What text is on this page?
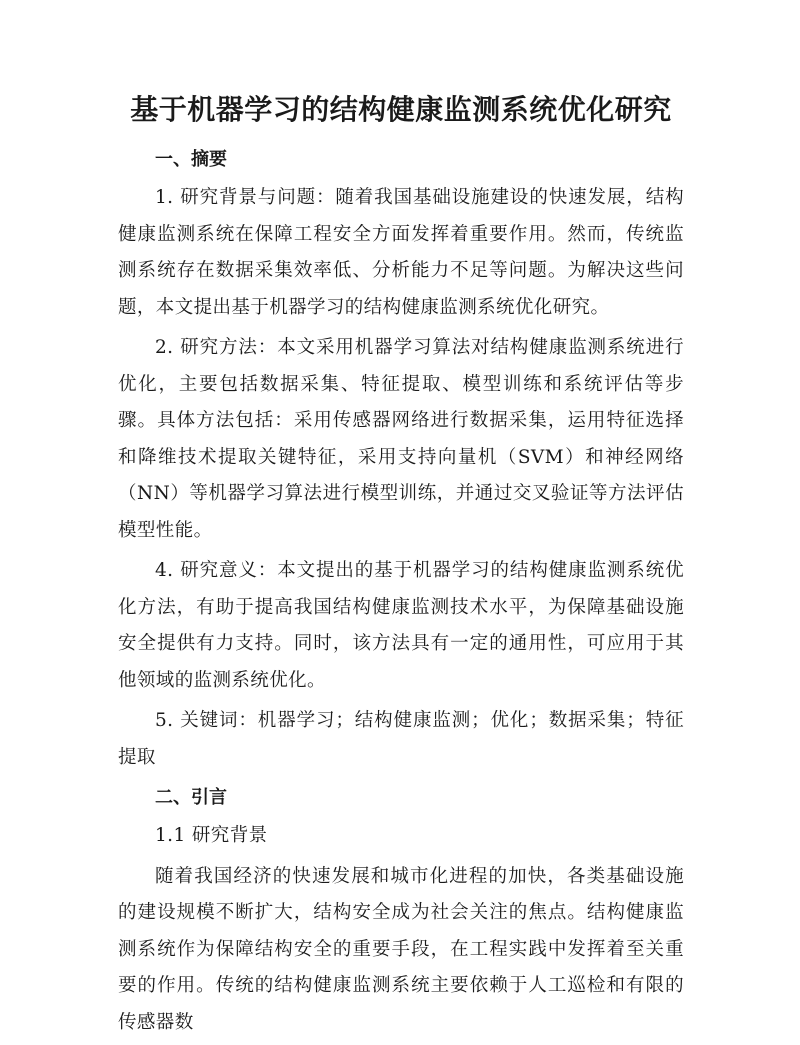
基于机器学习的结构健康监测系统优化研究
一、摘要

1. 研究背景与问题：随着我国基础设施建设的快速发展，结构健康监测系统在保障工程安全方面发挥着重要作用。然而，传统监测系统存在数据采集效率低、分析能力不足等问题。为解决这些问题，本文提出基于机器学习的结构健康监测系统优化研究。

2. 研究方法：本文采用机器学习算法对结构健康监测系统进行优化，主要包括数据采集、特征提取、模型训练和系统评估等步骤。具体方法包括：采用传感器网络进行数据采集，运用特征选择和降维技术提取关键特征，采用支持向量机（SVM）和神经网络（NN）等机器学习算法进行模型训练，并通过交叉验证等方法评估模型性能。

4. 研究意义：本文提出的基于机器学习的结构健康监测系统优化方法，有助于提高我国结构健康监测技术水平，为保障基础设施安全提供有力支持。同时，该方法具有一定的通用性，可应用于其他领域的监测系统优化。

5. 关键词：机器学习；结构健康监测；优化；数据采集；特征提取

二、引言
1.1 研究背景

随着我国经济的快速发展和城市化进程的加快，各类基础设施的建设规模不断扩大，结构安全成为社会关注的焦点。结构健康监测系统作为保障结构安全的重要手段，在工程实践中发挥着至关重要的作用。传统的结构健康监测系统主要依赖于人工巡检和有限的传感器数
